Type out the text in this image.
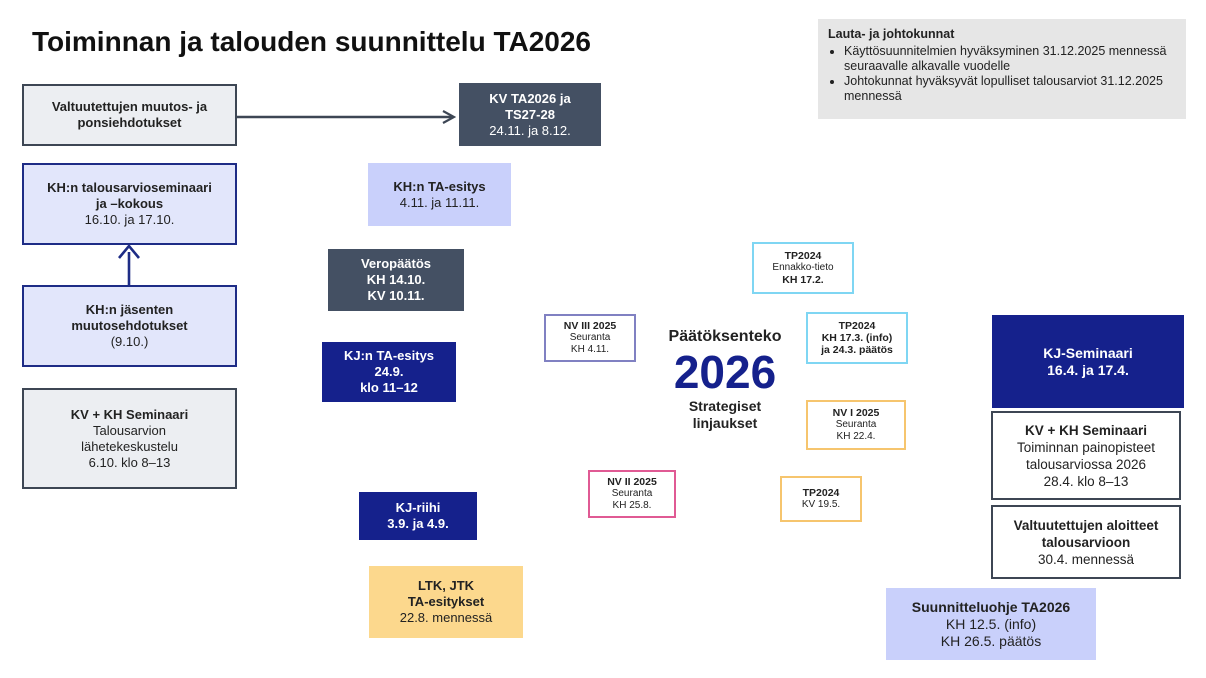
Toiminnan ja talouden suunnittelu TA2026	Lauta- ja johtokunnat
• Käyttösuunnitelmien hyväksyminen 31.12.2025 mennessä seuraavalle alkavalle vuodelle
• Johtokunnat hyväksyvät lopulliset talousarviot 31.12.2025 mennessä
Päätöksenteko
2026
Strategiset
linjaukset
TP2024
Ennakko-tieto
KH 17.2.
TP2024
KH 17.3. (info)
ja 24.3. päätös
NV I 2025
Seuranta
KH 22.4.
TP2024
KV 19.5.
NV II 2025
Seuranta
KH 25.8.
NV III 2025
Seuranta
KH 4.11.
Valtuutettujen muutos- ja
ponsiehdotukset
KH:n talousarvioseminaari
ja –kokous
16.10. ja 17.10.
KH:n jäsenten
muutosehdotukset
(9.10.)
KV + KH Seminaari
Talousarvion
lähetekeskustelu
6.10. klo 8–13
KV TA2026 ja
TS27-28
24.11. ja 8.12.
KH:n TA-esitys
4.11. ja 11.11.
Veropäätös
KH 14.10.
KV 10.11.
KJ:n TA-esitys
24.9.
klo 11–12
KJ-riihi
3.9. ja 4.9.
LTK, JTK
TA-esitykset
22.8. mennessä
KJ-Seminaari
16.4. ja 17.4.
KV + KH Seminaari
Toiminnan painopisteet
talousarviossa 2026
28.4. klo 8–13
Valtuutettujen aloitteet
talousarvioon
30.4. mennessä
Suunnitteluohje TA2026
KH 12.5. (info)
KH 26.5. päätös
